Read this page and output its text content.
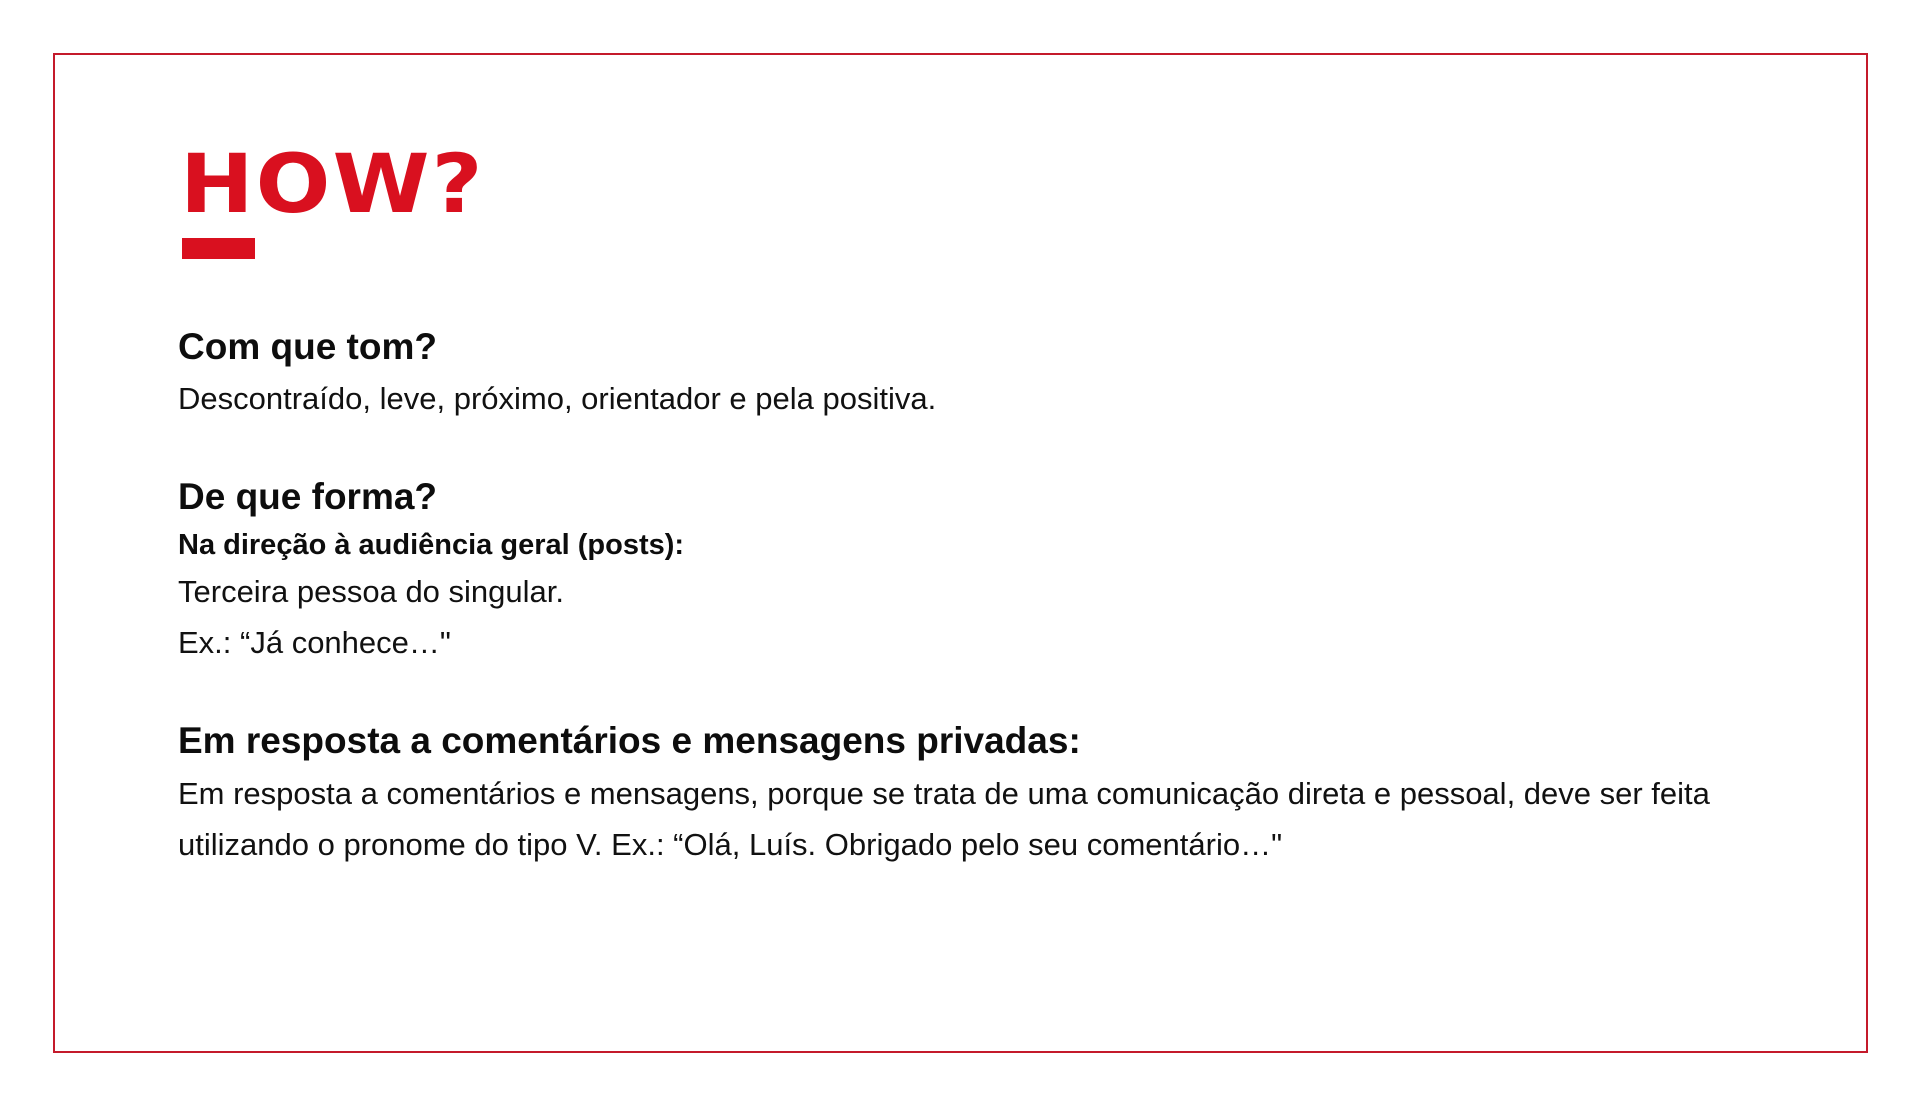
HOW?
Com que tom?

Descontraído, leve, próximo, orientador e pela positiva.

De que forma?
Na direção à audiência geral (posts):

Terceira pessoa do singular.

Ex.: “Já conhece…"

Em resposta a comentários e mensagens privadas:

Em resposta a comentários e mensagens, porque se trata de uma comunicação direta e pessoal, deve ser feita utilizando o pronome do tipo V. Ex.: “Olá, Luís. Obrigado pelo seu comentário…"
